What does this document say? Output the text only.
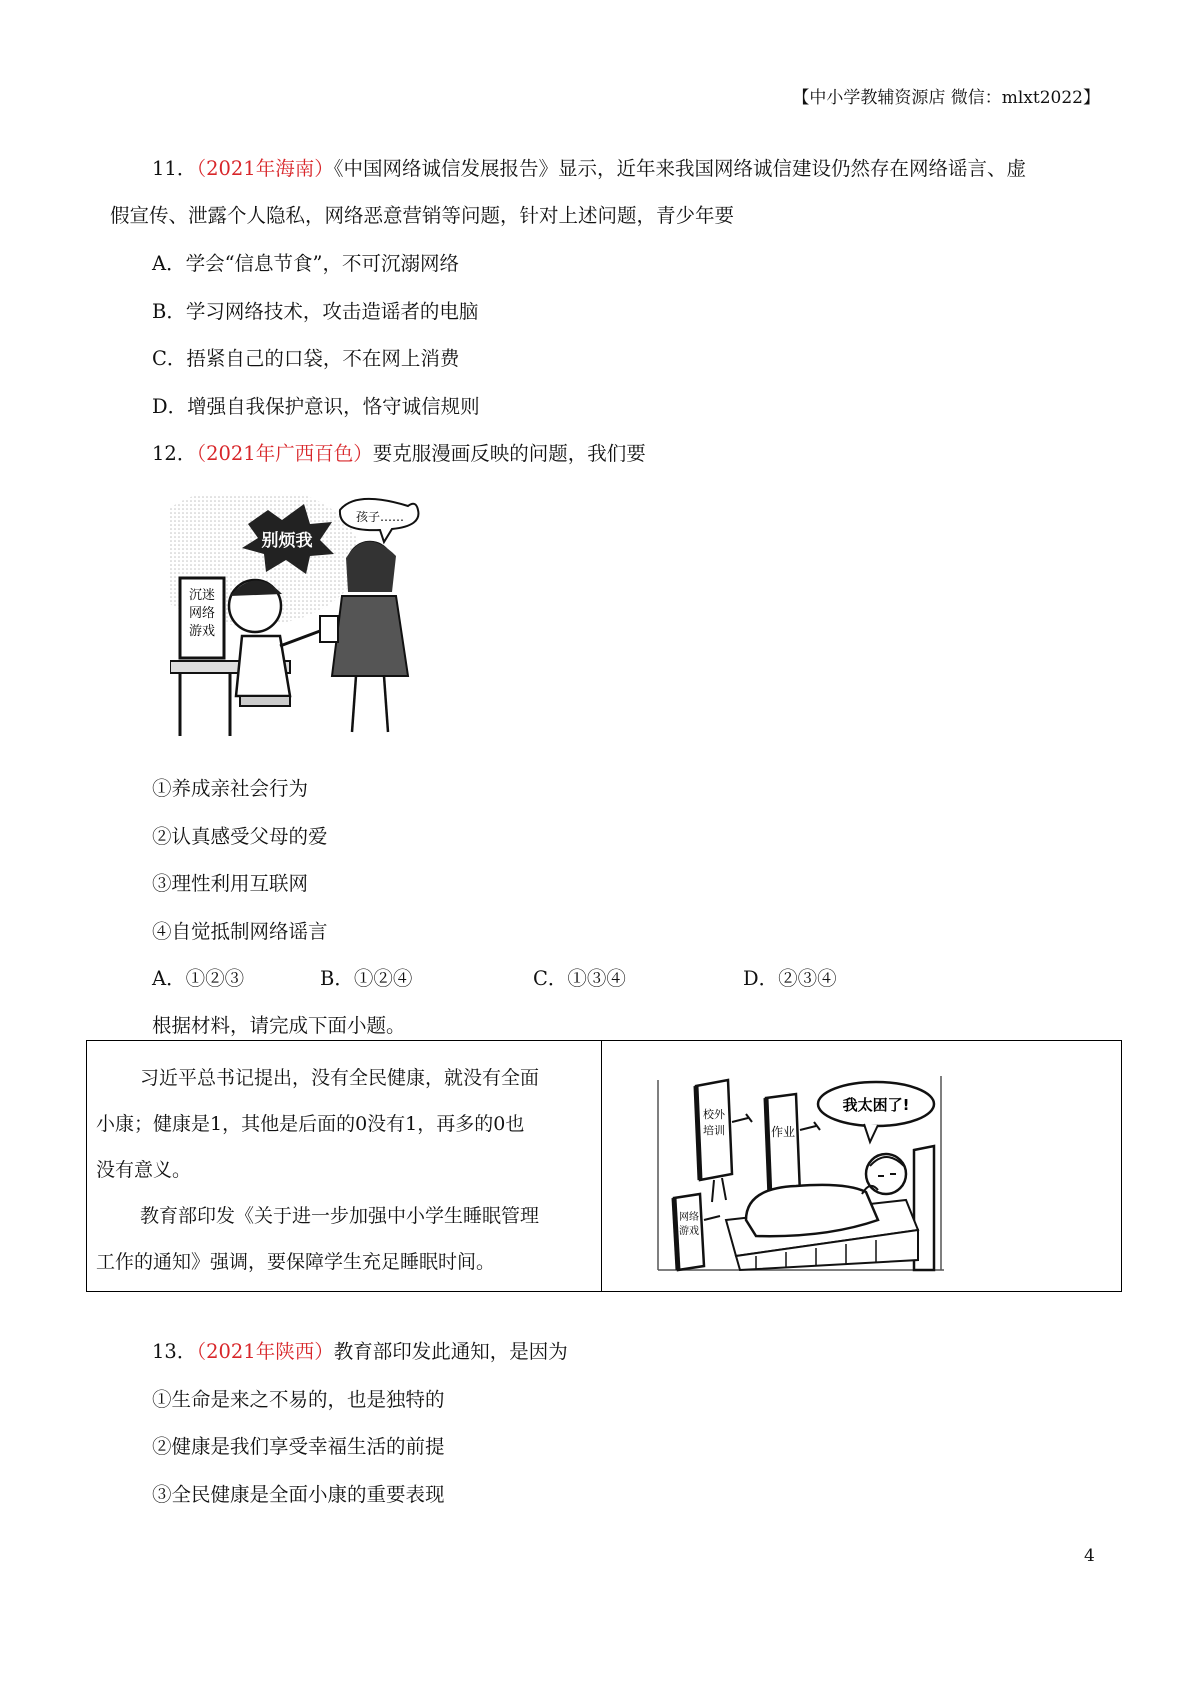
【中小学教辅资源店 微信：mlxt2022】
11．（2021年海南）《中国网络诚信发展报告》显示，近年来我国网络诚信建设仍然存在网络谣言、虚
假宣传、泄露个人隐私，网络恶意营销等问题，针对上述问题，青少年要
A．学会“信息节食”，不可沉溺网络
B．学习网络技术，攻击造谣者的电脑
C．捂紧自己的口袋，不在网上消费
D．增强自我保护意识，恪守诚信规则
12．（2021年广西百色）要克服漫画反映的问题，我们要
沉迷
网络
游戏
别烦我
孩子……
①养成亲社会行为
②认真感受父母的爱
③理性利用互联网
④自觉抵制网络谣言
A．①②③	B．①②④	C．①③④	D．②③④
根据材料，请完成下面小题。

习近平总书记提出，没有全民健康，就没有全面
小康；健康是1，其他是后面的0没有1，再多的0也
没有意义。
教育部印发《关于进一步加强中小学生睡眠管理
工作的通知》强调，要保障学生充足睡眠时间。
校外
培训	作业
网络
游戏
我太困了!
13．（2021年陕西）教育部印发此通知，是因为
①生命是来之不易的，也是独特的
②健康是我们享受幸福生活的前提
③全民健康是全面小康的重要表现
4
